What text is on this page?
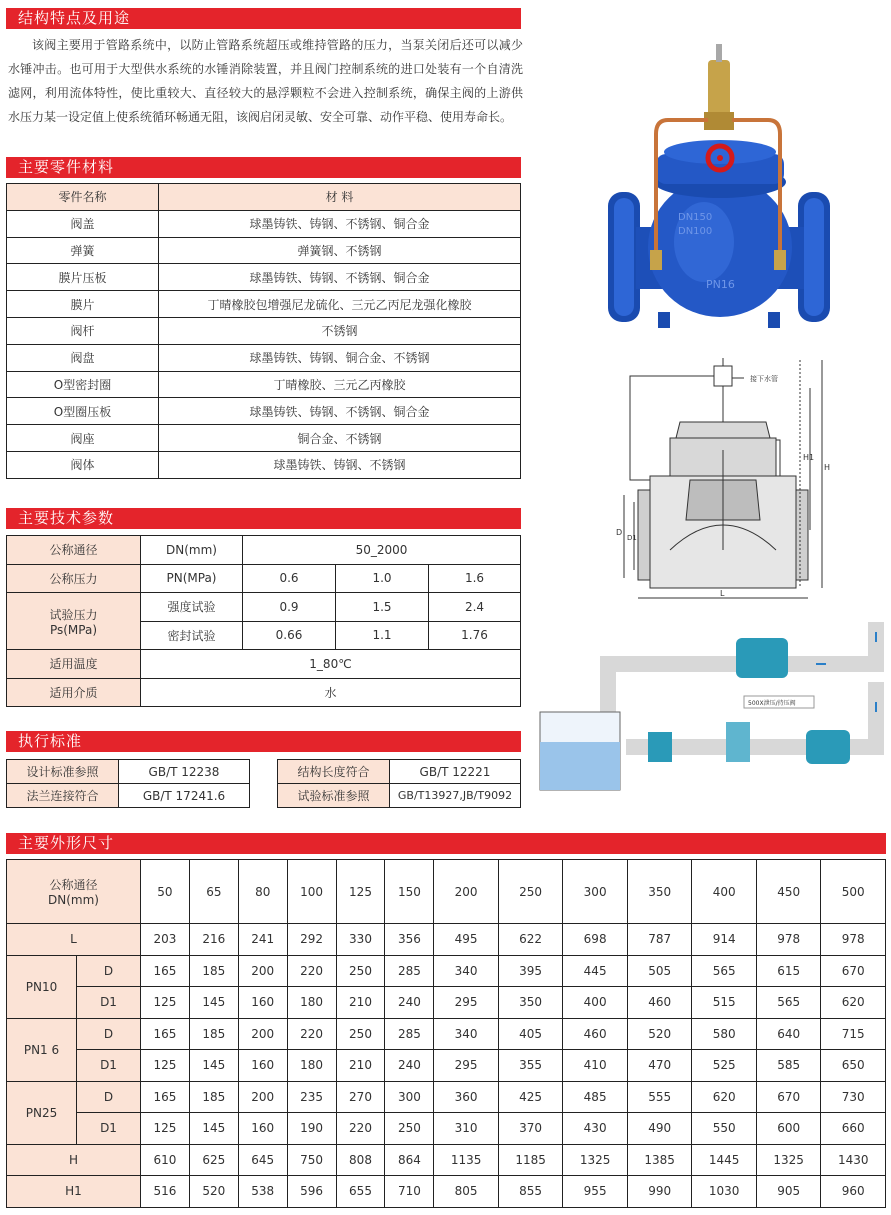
结构特点及用途

该阀主要用于管路系统中，以防止管路系统超压或维持管路的压力，当泵关闭后还可以减少水锤冲击。也可用于大型供水系统的水锤消除装置，并且阀门控制系统的进口处装有一个自清洗滤网，利用流体特性，使比重较大、直径较大的悬浮颗粒不会进入控制系统，确保主阀的上游供水压力某一设定值上使系统循环畅通无阻，该阀启闭灵敏、安全可靠、动作平稳、使用寿命长。

主要零件材料
零件名称	材 料
阀盖	球墨铸铁、铸钢、不锈钢、铜合金
弹簧	弹簧钢、不锈钢
膜片压板	球墨铸铁、铸钢、不锈钢、铜合金
膜片	丁晴橡胶包增强尼龙硫化、三元乙丙尼龙强化橡胶
阀杆	不锈钢
阀盘	球墨铸铁、铸钢、铜合金、不锈钢
O型密封圈	丁晴橡胶、三元乙丙橡胶
O型圈压板	球墨铸铁、铸钢、不锈钢、铜合金
阀座	铜合金、不锈钢
阀体	球墨铸铁、铸钢、不锈钢
主要技术参数
公称通径	DN(mm)	50_2000		
公称压力	PN(MPa)	0.6	1.0	1.6

试验压力
Ps(MPa)	强度试验	0.9	1.5	2.4
	密封试验	0.66	1.1	1.76
适用温度	1_80℃			
适用介质	水			
执行标准
设计标准参照	GB/T 12238
法兰连接符合	GB/T 17241.6
结构长度符合	GB/T 12221
试验标准参照	GB/T13927,JB/T9092
主要外形尺寸
公称通径
DN(mm)		50	65	80	100	125	150	200	250	300	350	400	450	500
L		203	216	241	292	330	356	495	622	698	787	914	978	978
PN10	D	165	185	200	220	250	285	340	395	445	505	565	615	670
	D1	125	145	160	180	210	240	295	350	400	460	515	565	620
PN1 6	D	165	185	200	220	250	285	340	405	460	520	580	640	715
	D1	125	145	160	180	210	240	295	355	410	470	525	585	650
PN25	D	165	185	200	235	270	300	360	425	485	555	620	670	730
	D1	125	145	160	190	220	250	310	370	430	490	550	600	660
H		610	625	645	750	808	864	1135	1185	1325	1385	1445	1325	1430
H1		516	520	538	596	655	710	805	855	955	990	1030	905	960
DN150
DN100
PN16
接下水管
H1
H
L
D
D1
500X泄压/持压阀
